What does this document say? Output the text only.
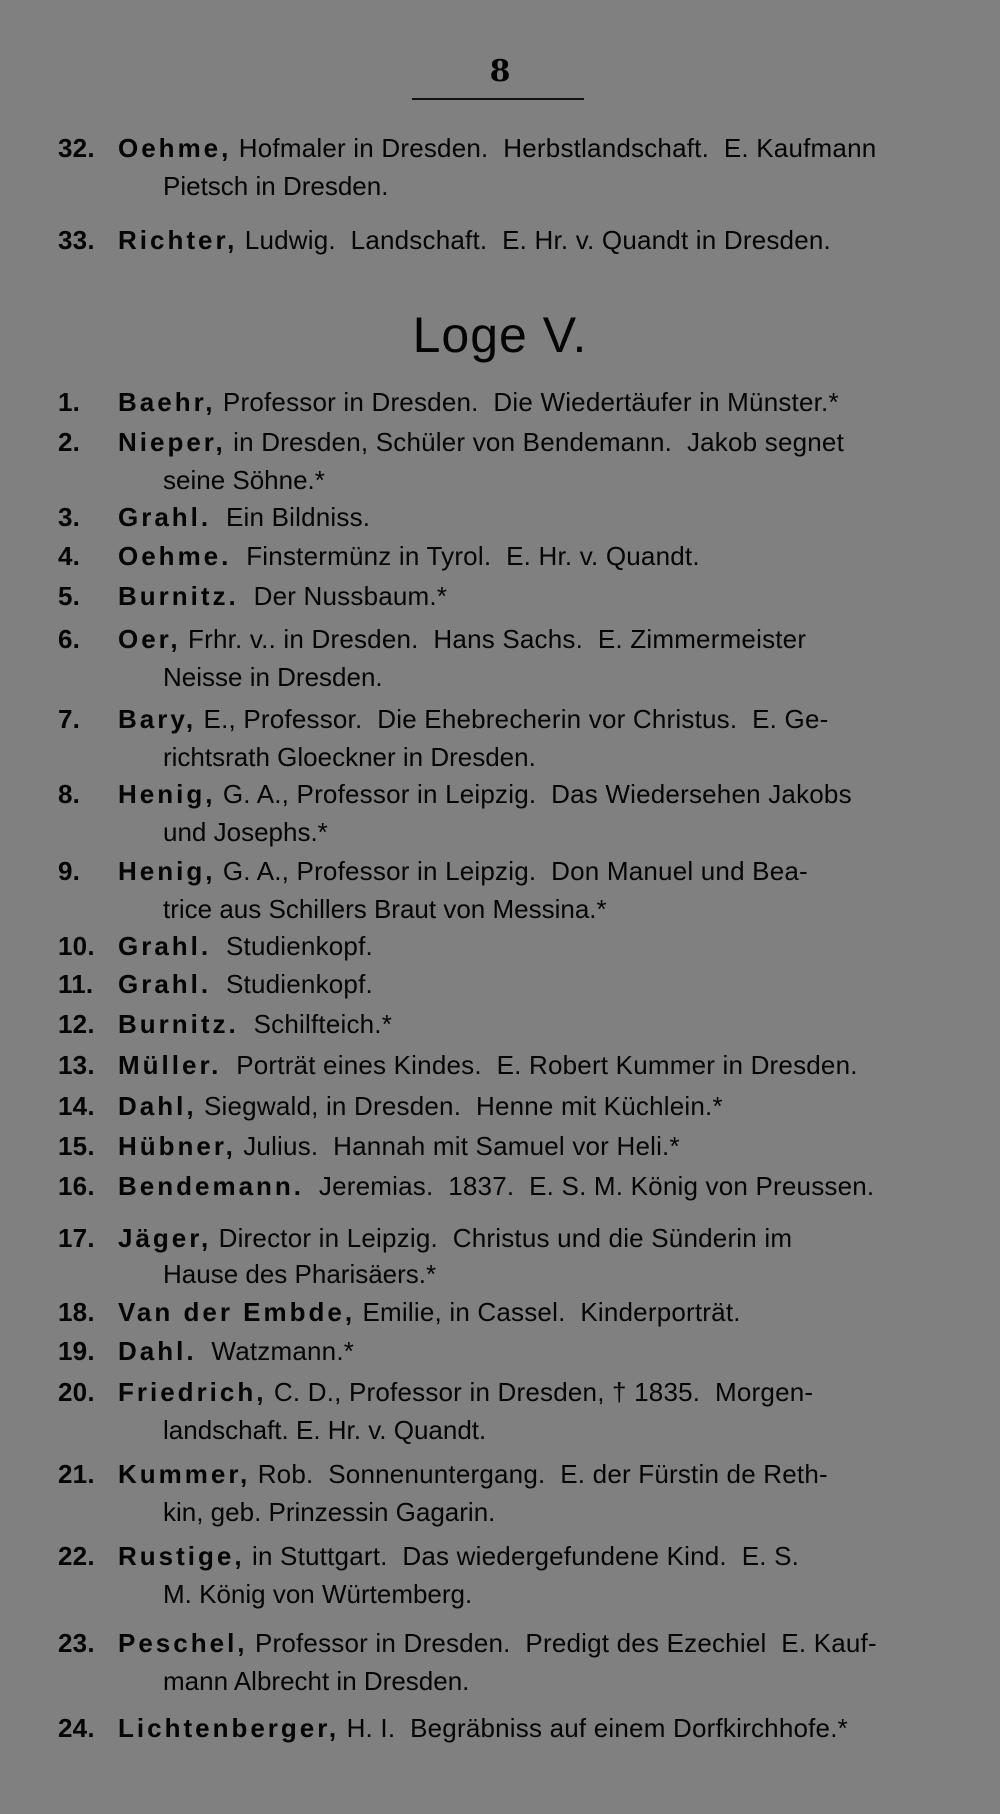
8
32. Oehme, Hofmaler in Dresden.  Herbstlandschaft.  E. Kaufmann
Pietsch in Dresden.
33. Richter, Ludwig.  Landschaft.  E. Hr. v. Quandt in Dresden.
Loge V.
1. Baehr, Professor in Dresden.  Die Wiedertäufer in Münster.*
2. Nieper, in Dresden, Schüler von Bendemann.  Jakob segnet
seine Söhne.*
3. Grahl.  Ein Bildniss.
4. Oehme.  Finstermünz in Tyrol.  E. Hr. v. Quandt.
5. Burnitz.  Der Nussbaum.*
6. Oer, Frhr. v.. in Dresden.  Hans Sachs.  E. Zimmermeister
Neisse in Dresden.
7. Bary, E., Professor.  Die Ehebrecherin vor Christus.  E. Ge-
richtsrath Gloeckner in Dresden.
8. Henig, G. A., Professor in Leipzig.  Das Wiedersehen Jakobs
und Josephs.*
9. Henig, G. A., Professor in Leipzig.  Don Manuel und Bea-
trice aus Schillers Braut von Messina.*
10. Grahl.  Studienkopf.
11. Grahl.  Studienkopf.
12. Burnitz.  Schilfteich.*
13. Müller.  Porträt eines Kindes.  E. Robert Kummer in Dresden.
14. Dahl, Siegwald, in Dresden.  Henne mit Küchlein.*
15. Hübner, Julius.  Hannah mit Samuel vor Heli.*
16. Bendemann.  Jeremias.  1837.  E. S. M. König von Preussen.
17. Jäger, Director in Leipzig.  Christus und die Sünderin im
Hause des Pharisäers.*
18. Van der Embde, Emilie, in Cassel.  Kinderporträt.
19. Dahl.  Watzmann.*
20. Friedrich, C. D., Professor in Dresden, † 1835.  Morgen-
landschaft. E. Hr. v. Quandt.
21. Kummer, Rob.  Sonnenuntergang.  E. der Fürstin de Reth-
kin, geb. Prinzessin Gagarin.
22. Rustige, in Stuttgart.  Das wiedergefundene Kind.  E. S.
M. König von Würtemberg.
23. Peschel, Professor in Dresden.  Predigt des Ezechiel  E. Kauf-
mann Albrecht in Dresden.
24. Lichtenberger, H. I.  Begräbniss auf einem Dorfkirchhofe.*
